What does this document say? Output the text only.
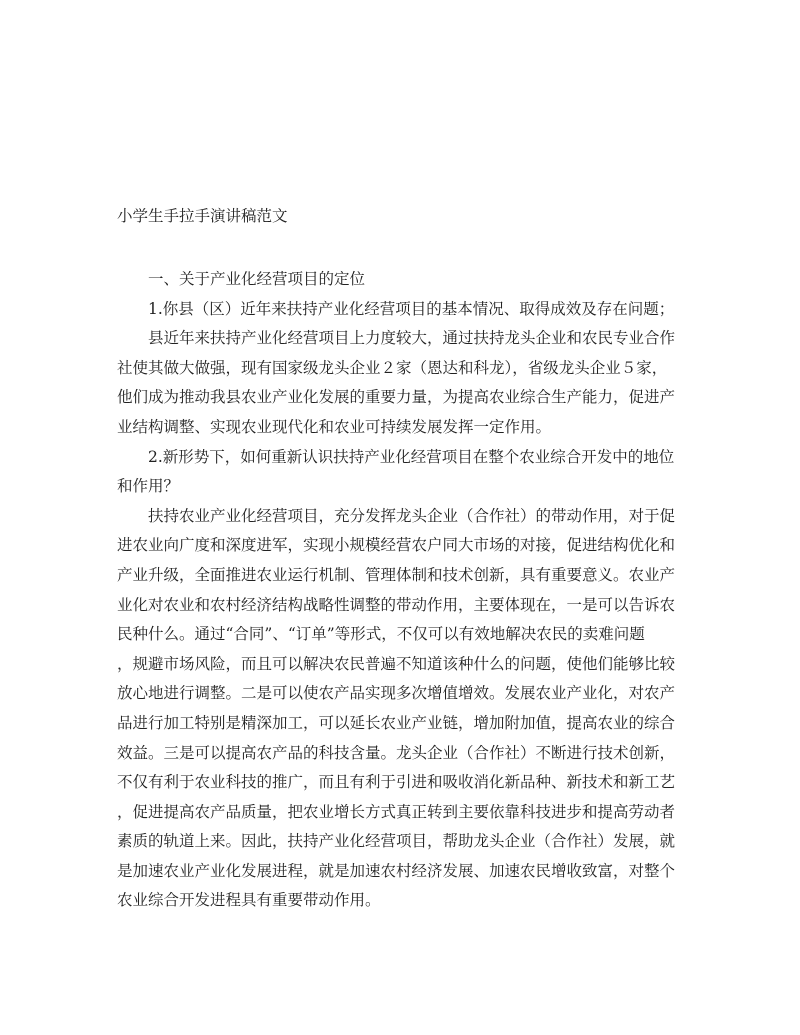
小学生手拉手演讲稿范文
一、关于产业化经营项目的定位
1.你县（区）近年来扶持产业化经营项目的基本情况、取得成效及存在问题；
县近年来扶持产业化经营项目上力度较大，通过扶持龙头企业和农民专业合作
社使其做大做强，现有国家级龙头企业２家（恩达和科龙），省级龙头企业５家，
他们成为推动我县农业产业化发展的重要力量，为提高农业综合生产能力，促进产
业结构调整、实现农业现代化和农业可持续发展发挥一定作用。
2.新形势下，如何重新认识扶持产业化经营项目在整个农业综合开发中的地位
和作用？
扶持农业产业化经营项目，充分发挥龙头企业（合作社）的带动作用，对于促
进农业向广度和深度进军，实现小规模经营农户同大市场的对接，促进结构优化和
产业升级，全面推进农业运行机制、管理体制和技术创新，具有重要意义。农业产
业化对农业和农村经济结构战略性调整的带动作用，主要体现在，一是可以告诉农
民种什么。通过“合同”、“订单”等形式，不仅可以有效地解决农民的卖难问题
，规避市场风险，而且可以解决农民普遍不知道该种什么的问题，使他们能够比较
放心地进行调整。二是可以使农产品实现多次增值增效。发展农业产业化，对农产
品进行加工特别是精深加工，可以延长农业产业链，增加附加值，提高农业的综合
效益。三是可以提高农产品的科技含量。龙头企业（合作社）不断进行技术创新，
不仅有利于农业科技的推广，而且有利于引进和吸收消化新品种、新技术和新工艺
，促进提高农产品质量，把农业增长方式真正转到主要依靠科技进步和提高劳动者
素质的轨道上来。因此，扶持产业化经营项目，帮助龙头企业（合作社）发展，就
是加速农业产业化发展进程，就是加速农村经济发展、加速农民增收致富，对整个
农业综合开发进程具有重要带动作用。
